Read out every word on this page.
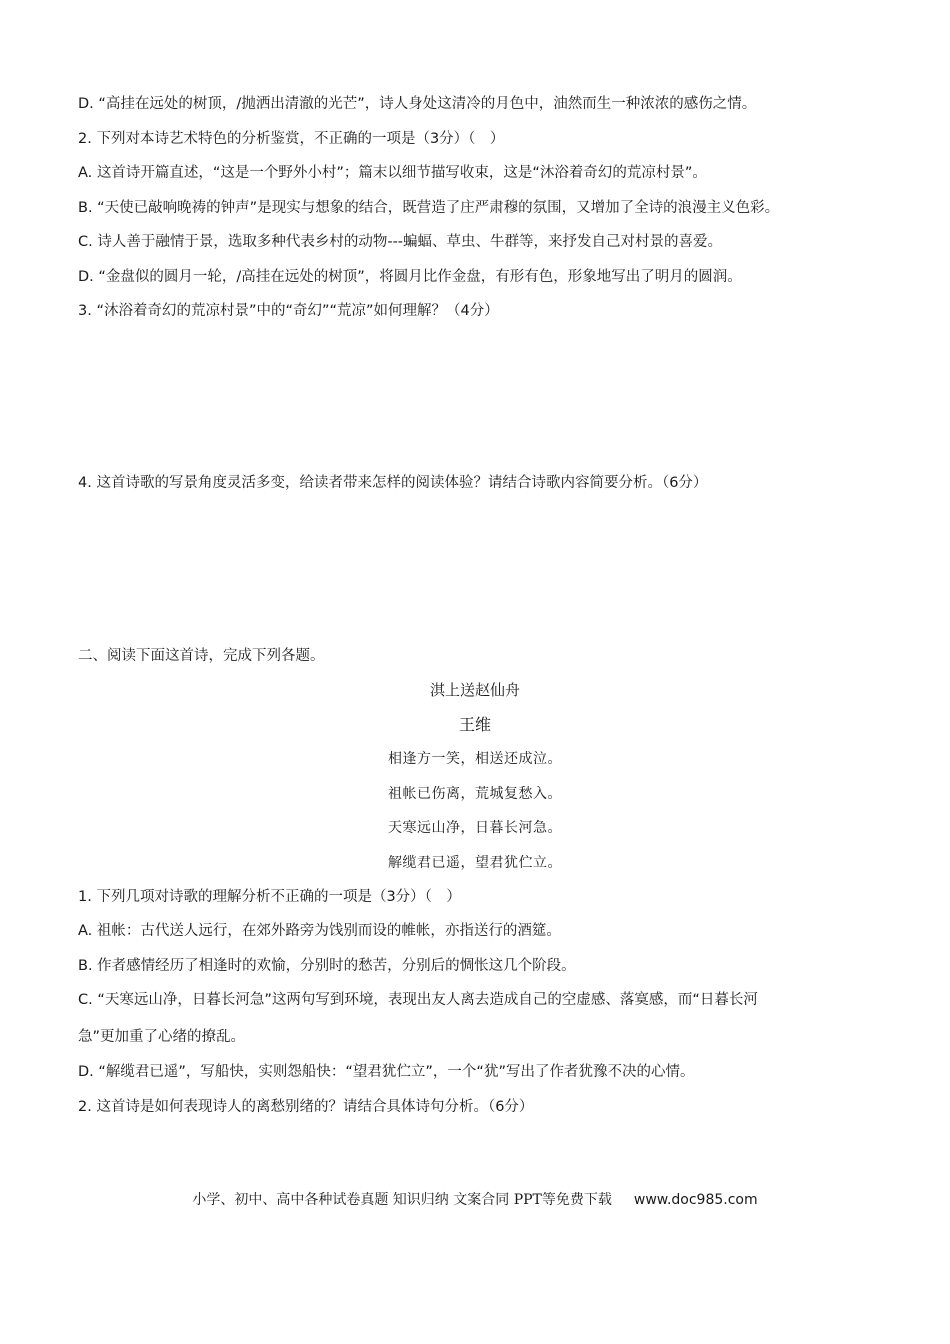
D. “高挂在远处的树顶，/抛洒出清澈的光芒”，诗人身处这清冷的月色中，油然而生一种浓浓的感伤之情。
2. 下列对本诗艺术特色的分析鉴赏，不正确的一项是（3分）（　）
A. 这首诗开篇直述，“这是一个野外小村”；篇末以细节描写收束，这是“沐浴着奇幻的荒凉村景”。
B. “天使已敲响晚祷的钟声”是现实与想象的结合，既营造了庄严肃穆的氛围，又增加了全诗的浪漫主义色彩。
C. 诗人善于融情于景，选取多种代表乡村的动物---蝙蝠、草虫、牛群等，来抒发自己对村景的喜爱。
D. “金盘似的圆月一轮，/高挂在远处的树顶”，将圆月比作金盘，有形有色，形象地写出了明月的圆润。
3. “沐浴着奇幻的荒凉村景”中的“奇幻”“荒凉”如何理解？（4分）
4. 这首诗歌的写景角度灵活多变，给读者带来怎样的阅读体验？请结合诗歌内容简要分析。（6分）
二、阅读下面这首诗，完成下列各题。
淇上送赵仙舟
王维
相逢方一笑，相送还成泣。
祖帐已伤离，荒城复愁入。
天寒远山净，日暮长河急。
解缆君已遥，望君犹伫立。
1. 下列几项对诗歌的理解分析不正确的一项是（3分）（　）
A. 祖帐：古代送人远行，在郊外路旁为饯别而设的帷帐，亦指送行的酒筵。
B. 作者感情经历了相逢时的欢愉，分别时的愁苦，分别后的惆怅这几个阶段。
C. “天寒远山净，日暮长河急”这两句写到环境，表现出友人离去造成自己的空虚感、落寞感，而“日暮长河
急”更加重了心绪的撩乱。
D. “解缆君已遥”，写船快，实则怨船快：“望君犹伫立”，一个“犹”写出了作者犹豫不决的心情。
2. 这首诗是如何表现诗人的离愁别绪的？请结合具体诗句分析。（6分）
小学、初中、高中各种试卷真题 知识归纳 文案合同 PPT等免费下载 www.doc985.com
